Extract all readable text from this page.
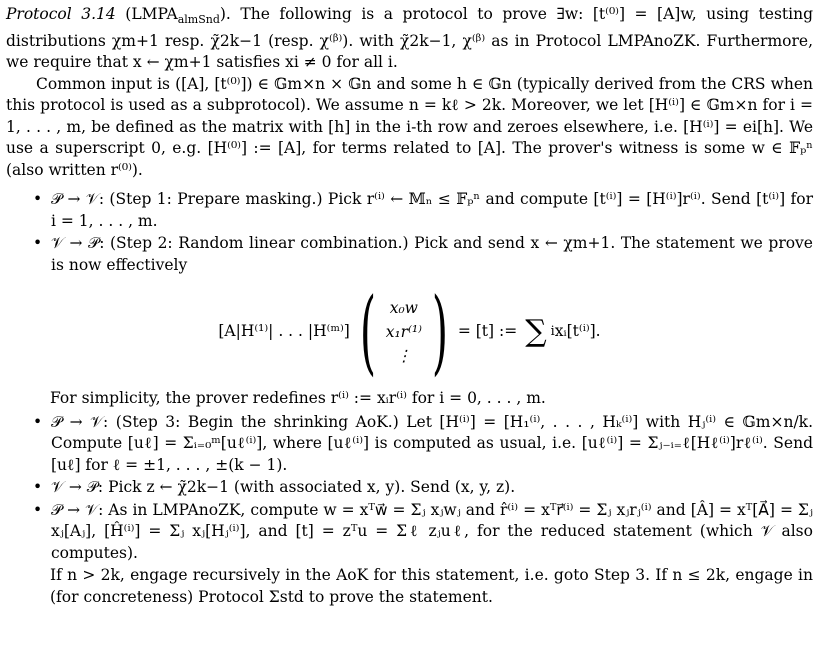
Protocol 3.14 $(LMPA_{almSnd})$. The following is a protocol to prove ∃w: [t⁽⁰⁾] = [A]w, using testing distributions χm+1 resp. χ̃2k−1 (resp. χ⁽ᵝ⁾). with χ̃2k−1, χ⁽ᵝ⁾ as in Protocol LMPAnoZK. Furthermore, we require that x ← χm+1 satisfies xi ≠ 0 for all i.

Common input is ([A], [t⁽⁰⁾]) ∈ 𝔾m×n × 𝔾n and some h ∈ 𝔾n (typically derived from the CRS when this protocol is used as a subprotocol). We assume n = kℓ > 2k. Moreover, we let [H⁽ⁱ⁾] ∈ 𝔾m×n for i = 1, . . . , m, be defined as the matrix with [h] in the i-th row and zeroes elsewhere, i.e. [H⁽ⁱ⁾] = ei[h]. We use a superscript 0, e.g. [H⁽⁰⁾] := [A], for terms related to [A]. The prover's witness is some w ∈ 𝔽ₚⁿ (also written r⁽⁰⁾).

• 𝒫 → 𝒱: (Step 1: Prepare masking.) Pick r⁽ⁱ⁾ ← 𝕄ₙ ≤ 𝔽ₚⁿ and compute [t⁽ⁱ⁾] = [H⁽ⁱ⁾]r⁽ⁱ⁾. Send [t⁽ⁱ⁾] for i = 1, . . . , m.
• 𝒱 → 𝒫: (Step 2: Random linear combination.) Pick and send x ← χm+1. The statement we prove is now effectively
[A|H⁽¹⁾| . . . |H⁽ᵐ⁾] ( x₀w
x₁r⁽¹⁾
⋮ ) = [t] := ∑ i xᵢ[t⁽ⁱ⁾].

For simplicity, the prover redefines r⁽ⁱ⁾ := xᵢr⁽ⁱ⁾ for i = 0, . . . , m.

• 𝒫 → 𝒱: (Step 3: Begin the shrinking AoK.) Let [H⁽ⁱ⁾] = [H₁⁽ⁱ⁾, . . . , Hₖ⁽ⁱ⁾] with Hⱼ⁽ⁱ⁾ ∈ 𝔾m×n/k. Compute [uℓ] = Σᵢ₌₀ᵐ[uℓ⁽ⁱ⁾], where [uℓ⁽ⁱ⁾] is computed as usual, i.e. [uℓ⁽ⁱ⁾] = Σⱼ₋ᵢ₌ℓ[Hℓ⁽ⁱ⁾]rℓ⁽ⁱ⁾. Send [uℓ] for ℓ = ±1, . . . , ±(k − 1).
• 𝒱 → 𝒫: Pick z ← χ̃2k−1 (with associated x, y). Send (x, y, z).
• 𝒫 → 𝒱: As in LMPAnoZK, compute w = xᵀw⃗ = Σⱼ xⱼwⱼ and r̂⁽ⁱ⁾ = xᵀr⃗⁽ⁱ⁾ = Σⱼ xⱼrⱼ⁽ⁱ⁾ and [Â] = xᵀ[A⃗] = Σⱼ xⱼ[Aⱼ], [Ĥ⁽ⁱ⁾] = Σⱼ xⱼ[Hⱼ⁽ⁱ⁾], and [t] = zᵀu = Σℓ zⱼuℓ, for the reduced statement (which 𝒱 also computes).

If n > 2k, engage recursively in the AoK for this statement, i.e. goto Step 3. If n ≤ 2k, engage in (for concreteness) Protocol Σstd to prove the statement.
